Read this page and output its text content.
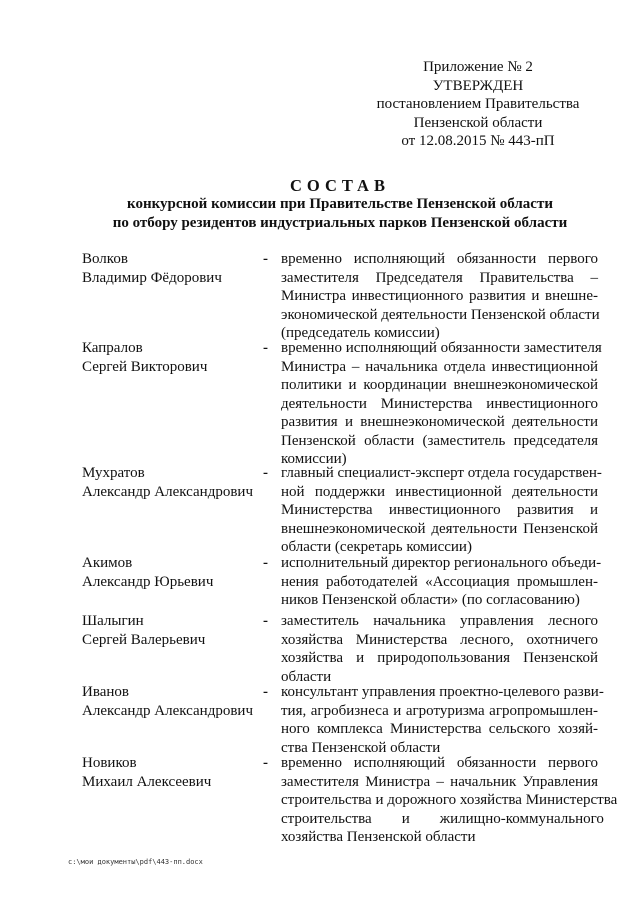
Приложение № 2
УТВЕРЖДЕН
постановлением Правительства
Пензенской области
от 12.08.2015 № 443-пП
СОСТАВ
конкурсной комиссии при Правительстве Пензенской области
по отбору резидентов индустриальных парков Пензенской области
Волков
Владимир Фёдорович
- временно исполняющий обязанности первого
заместителя Председателя Правительства –
Министра инвестиционного развития и внешне-
экономической деятельности Пензенской области
(председатель комиссии)
Капралов
Сергей Викторович
- временно исполняющий обязанности заместителя
Министра – начальника отдела инвестиционной
политики и координации внешнеэкономической
деятельности Министерства инвестиционного
развития и внешнеэкономической деятельности
Пензенской области (заместитель председателя
комиссии)
Мухратов
Александр Александрович
- главный специалист-эксперт отдела государствен-
ной поддержки инвестиционной деятельности
Министерства инвестиционного развития и
внешнеэкономической деятельности Пензенской
области (секретарь комиссии)
Акимов
Александр Юрьевич
- исполнительный директор регионального объеди-
нения работодателей «Ассоциация промышлен-
ников Пензенской области» (по согласованию)
Шалыгин
Сергей Валерьевич
- заместитель начальника управления лесного
хозяйства Министерства лесного, охотничего
хозяйства и природопользования Пензенской
области
Иванов
Александр Александрович
- консультант управления проектно-целевого разви-
тия, агробизнеса и агротуризма агропромышлен-
ного комплекса Министерства сельского хозяй-
ства Пензенской области
Новиков
Михаил Алексеевич
- временно исполняющий обязанности первого
заместителя Министра – начальник Управления
строительства и дорожного хозяйства Министерства
строительства        и        жилищно-коммунального
хозяйства Пензенской области
c:\мои документы\pdf\443-пп.docx
